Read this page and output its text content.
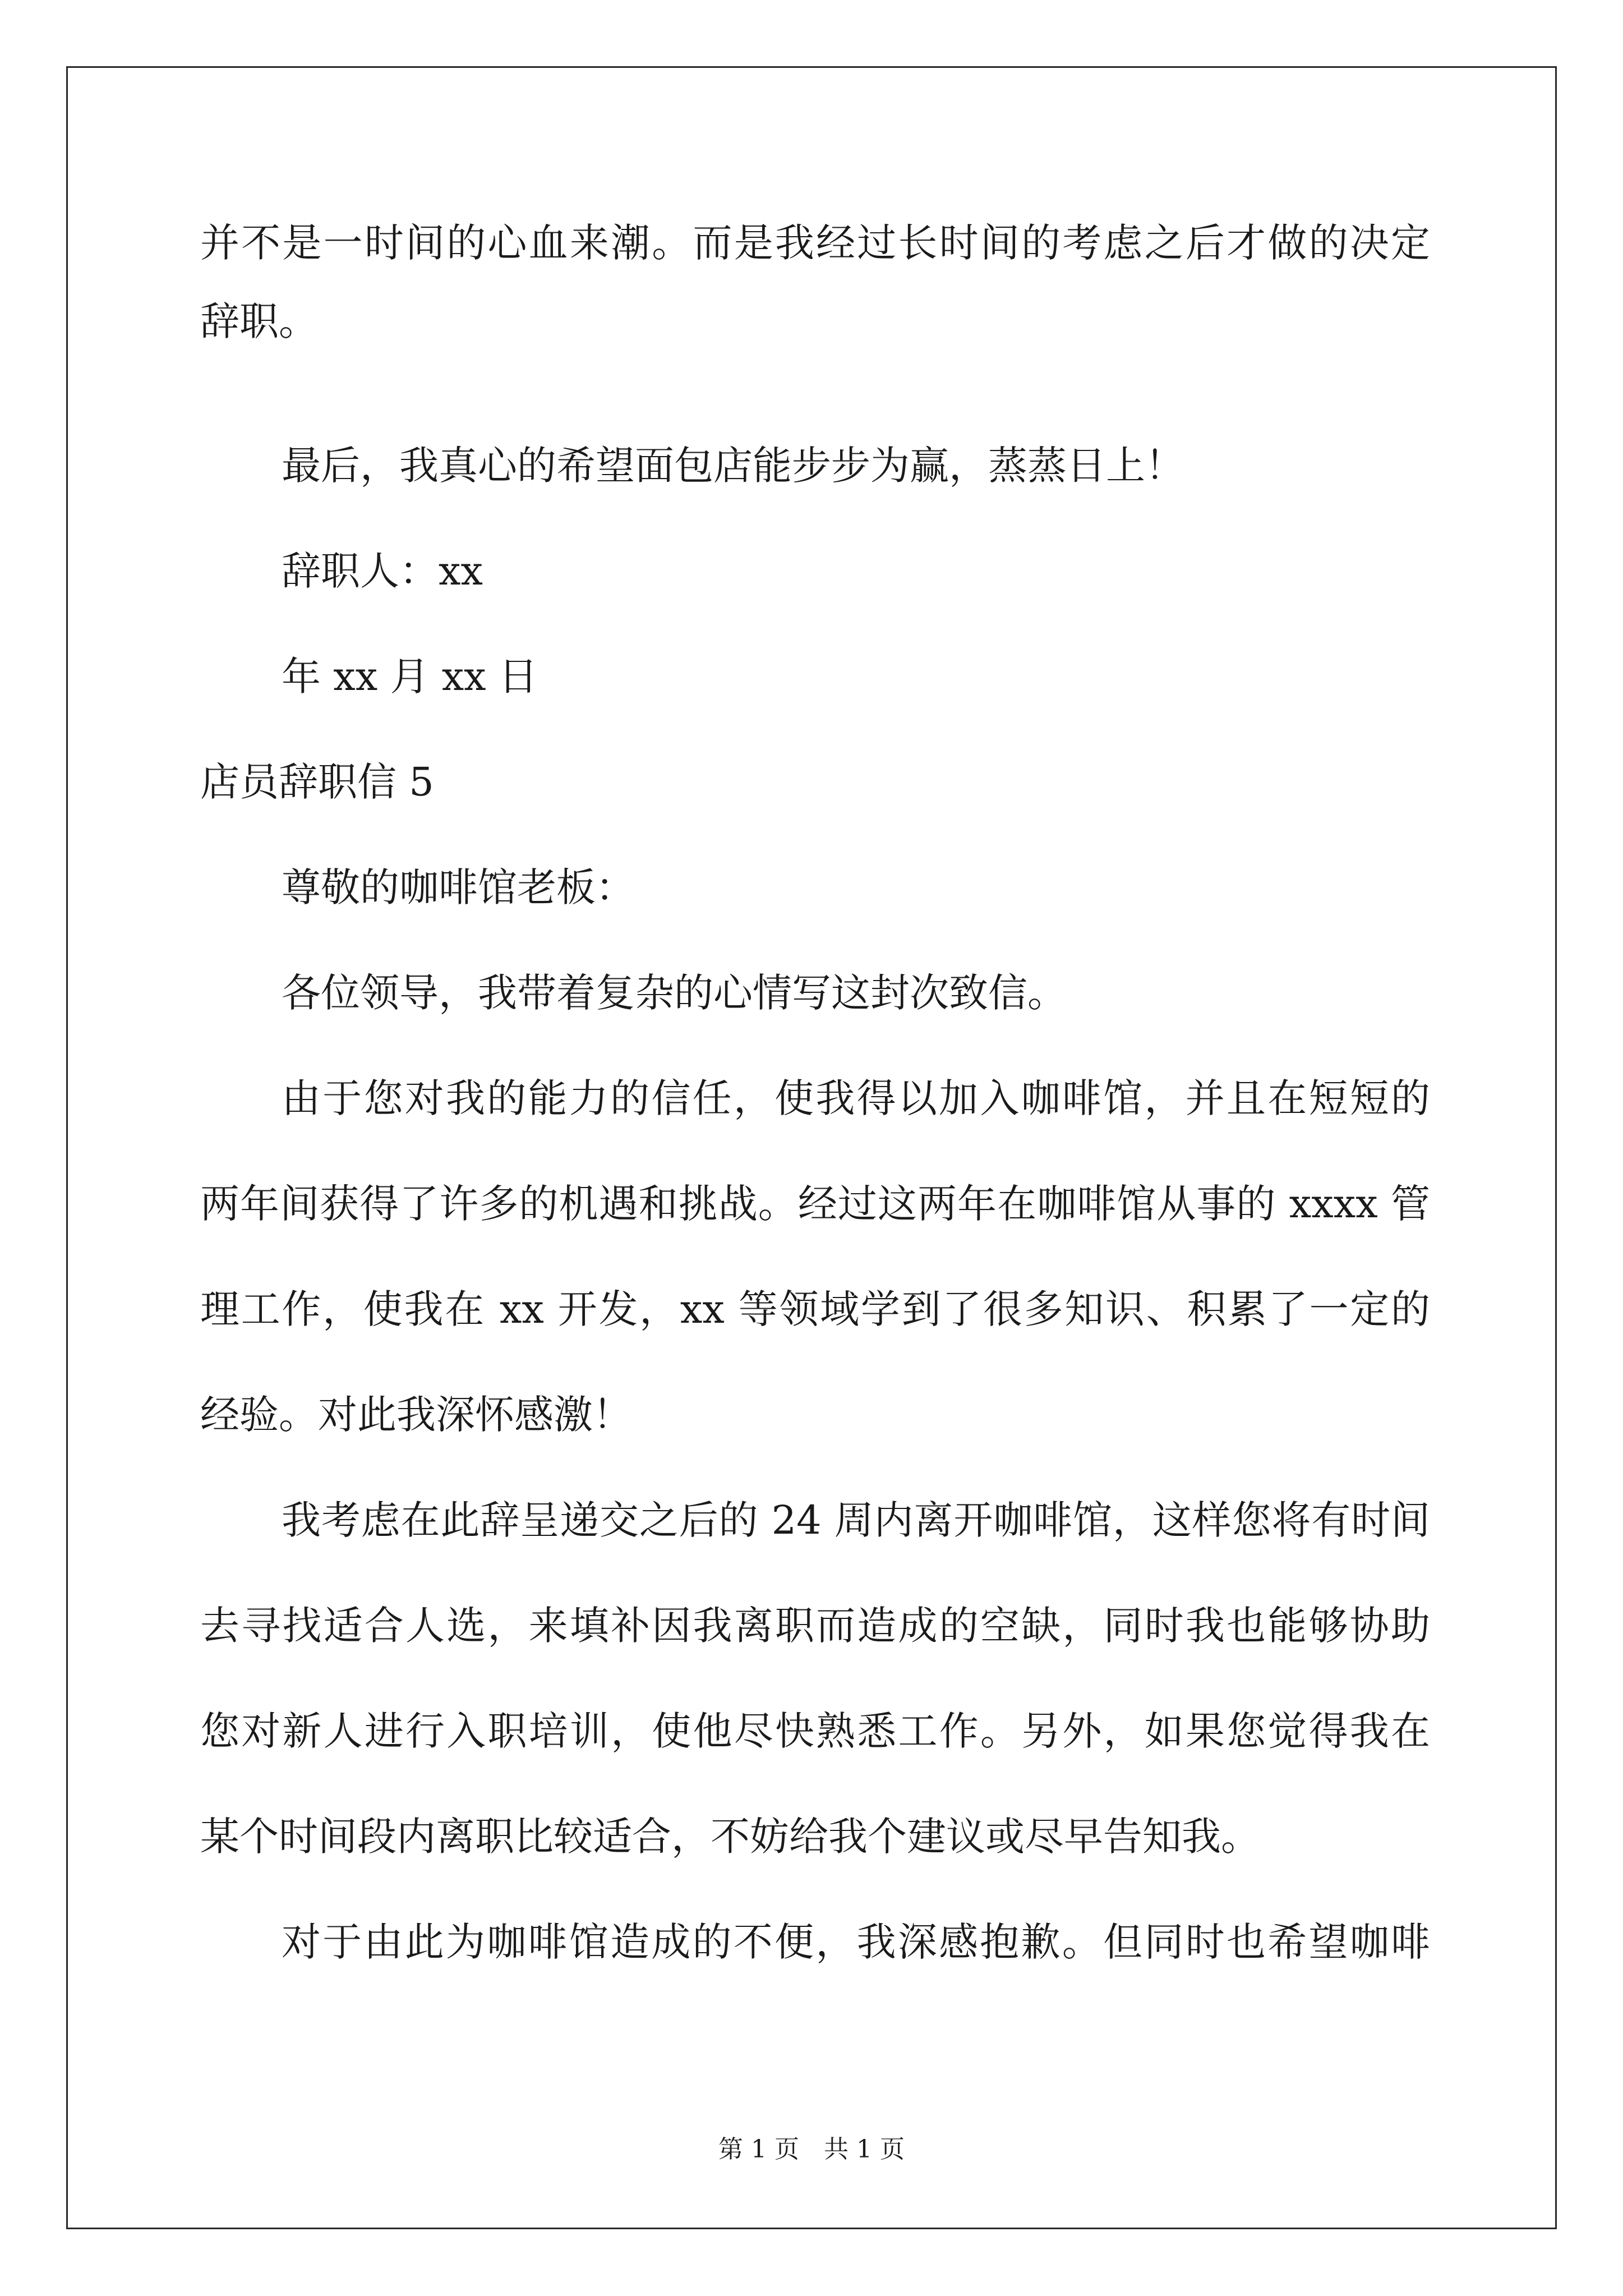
并不是一时间的心血来潮。而是我经过长时间的考虑之后才做的决定
辞职。
最后，我真心的希望面包店能步步为赢，蒸蒸日上！
辞职人：xx
年 xx 月 xx 日
店员辞职信 5
尊敬的咖啡馆老板：
各位领导，我带着复杂的心情写这封次致信。
由于您对我的能力的信任，使我得以加入咖啡馆，并且在短短的
两年间获得了许多的机遇和挑战。经过这两年在咖啡馆从事的 xxxx 管
理工作，使我在 xx 开发，xx 等领域学到了很多知识、积累了一定的
经验。对此我深怀感激！
我考虑在此辞呈递交之后的 24 周内离开咖啡馆，这样您将有时间
去寻找适合人选，来填补因我离职而造成的空缺，同时我也能够协助
您对新人进行入职培训，使他尽快熟悉工作。另外，如果您觉得我在
某个时间段内离职比较适合，不妨给我个建议或尽早告知我。
对于由此为咖啡馆造成的不便，我深感抱歉。但同时也希望咖啡
第 1 页　共 1 页
